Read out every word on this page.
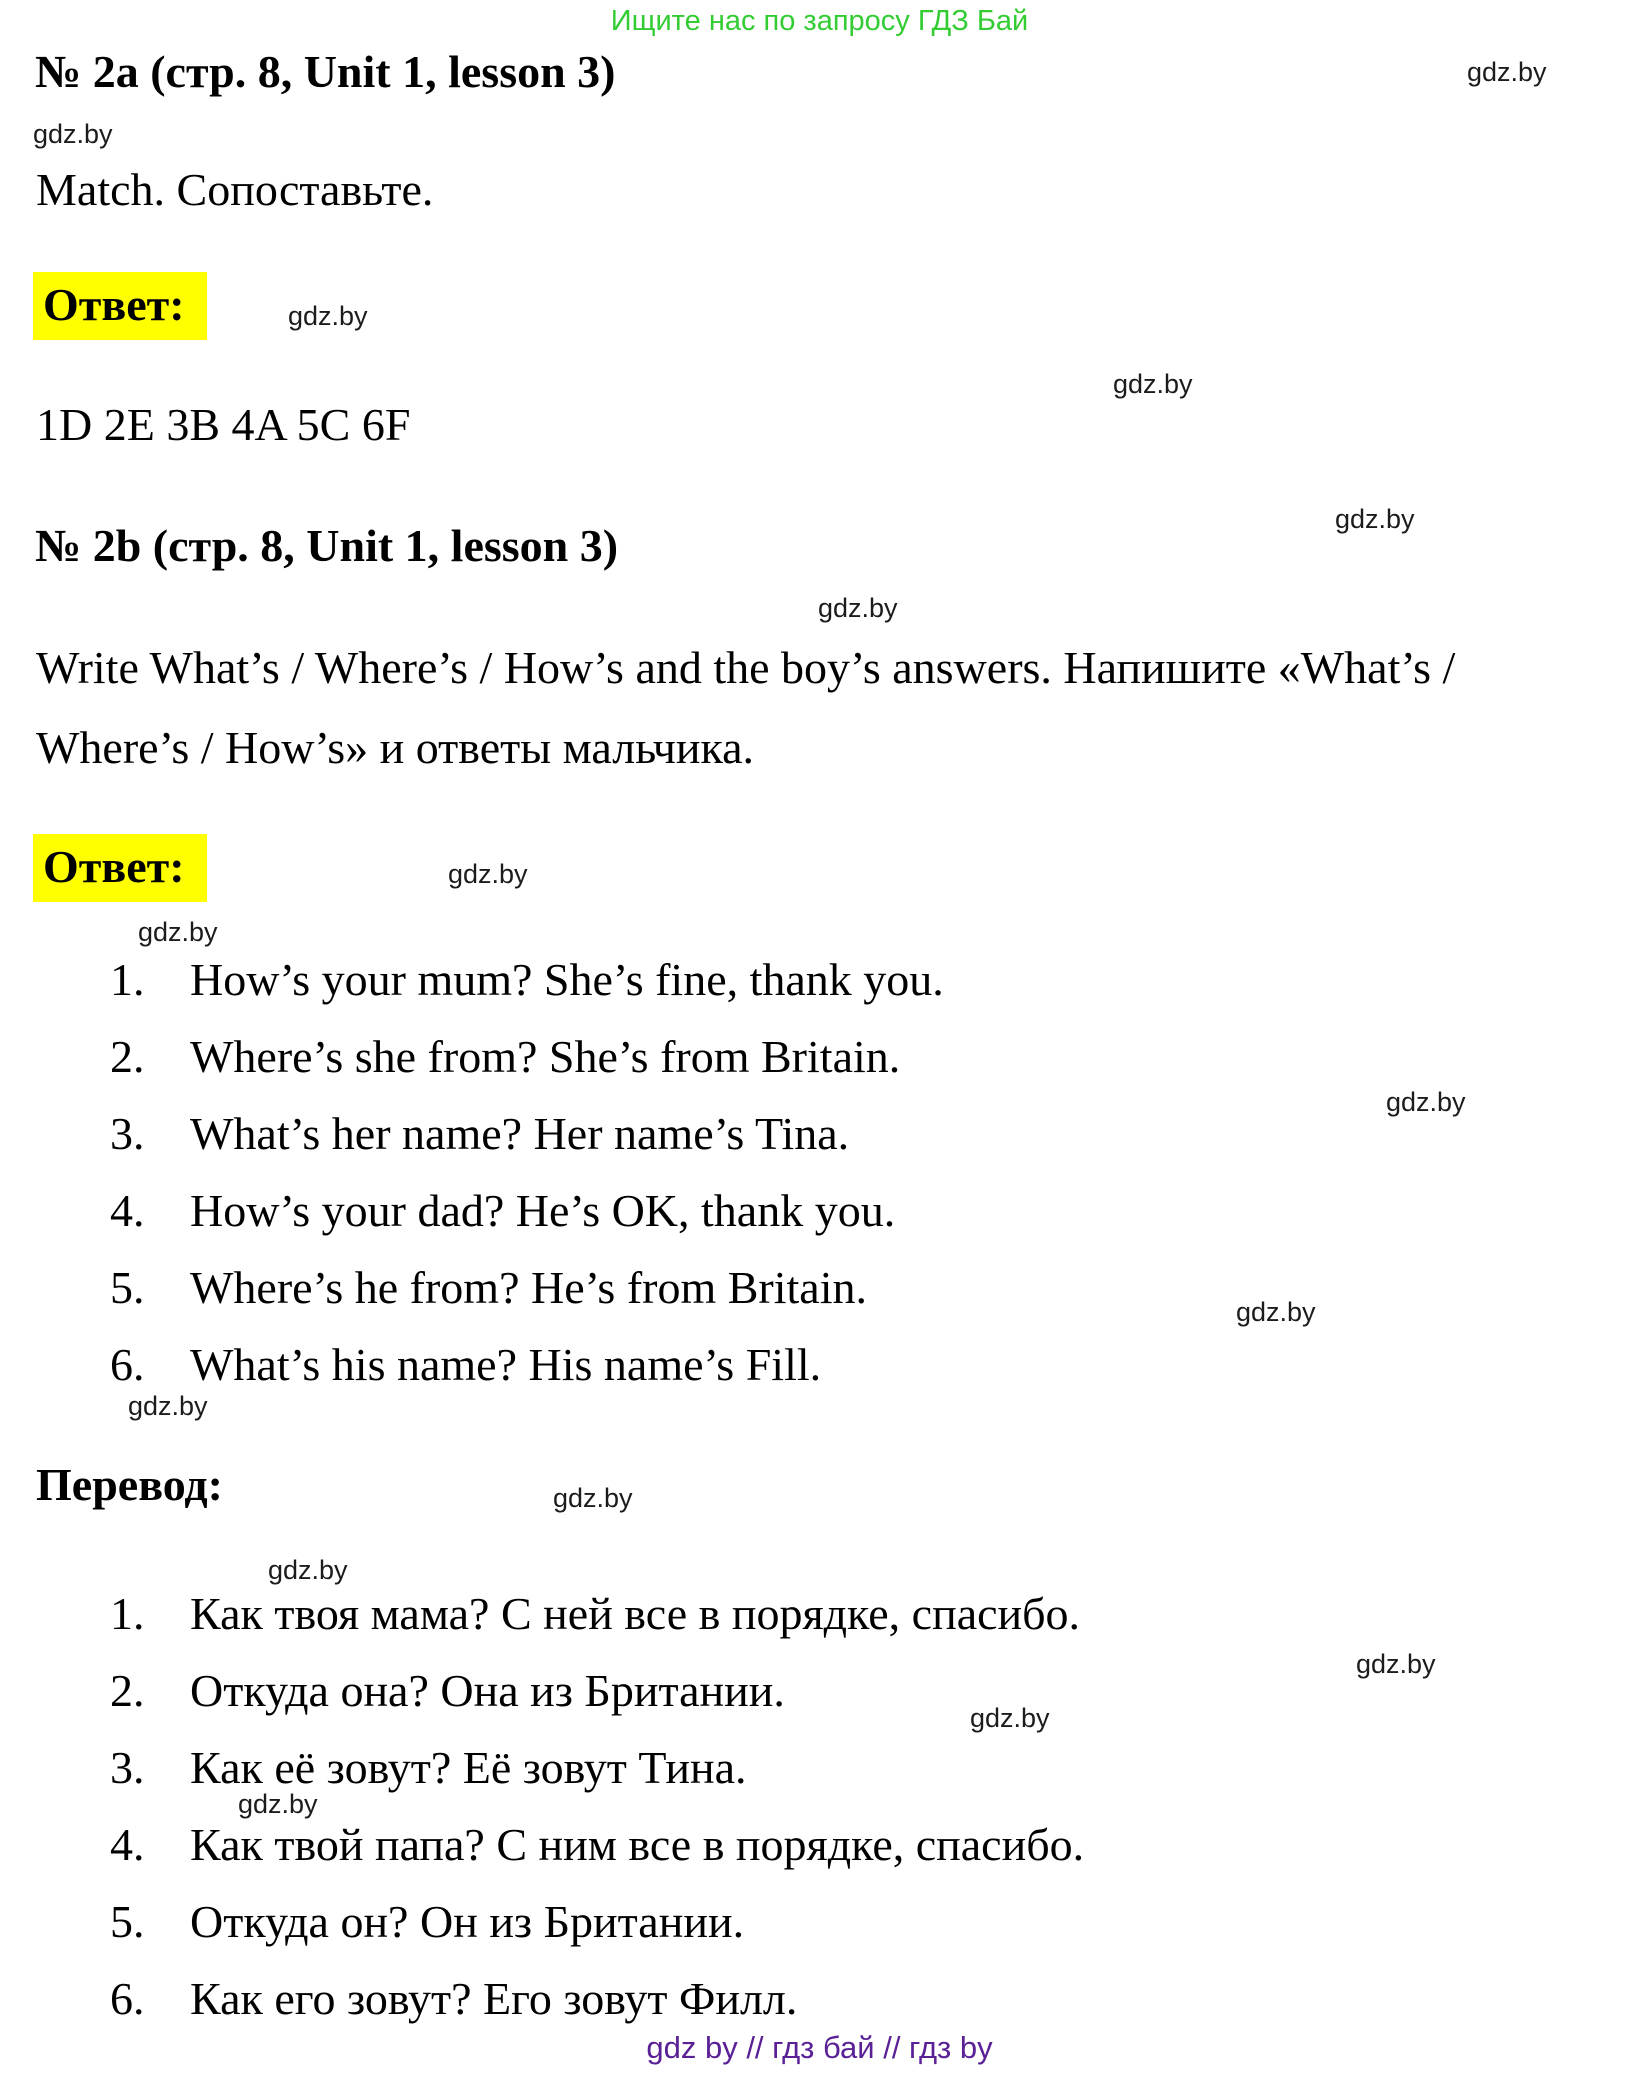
Ищите нас по запросу ГДЗ Бай
№ 2a (стр. 8, Unit 1, lesson 3)	gdz.by
gdz.by
Match. Сопоставьте.
Ответ:	gdz.by
gdz.by
1D 2E 3B 4A 5C 6F
gdz.by
№ 2b (стр. 8, Unit 1, lesson 3)
gdz.by
Write What’s / Where’s / How’s and the boy’s answers. Напишите «What’s / Where’s / How’s» и ответы мальчика.
Ответ:	gdz.by
gdz.by
How’s your mum? She’s fine, thank you.
Where’s she from? She’s from Britain.
What’s her name? Her name’s Tina.
How’s your dad? He’s OK, thank you.
Where’s he from? He’s from Britain.
What’s his name? His name’s Fill.
gdz.by
gdz.by
gdz.by
Перевод:	gdz.by
gdz.by
Как твоя мама? С ней все в порядке, спасибо.
Откуда она? Она из Британии.
Как её зовут? Её зовут Тина.
Как твой папа? С ним все в порядке, спасибо.
Откуда он? Он из Британии.
Как его зовут? Его зовут Филл.
gdz.by
gdz.by
gdz.by
gdz by // гдз бай // гдз by
